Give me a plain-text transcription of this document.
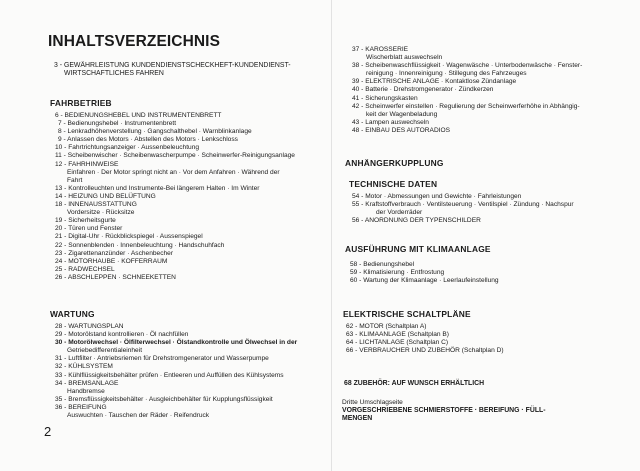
INHALTSVERZEICHNIS
3 - GEWÄHRLEISTUNG KUNDENDIENSTSCHECKHEFT-KUNDENDIENST-
WIRTSCHAFTLICHES FAHREN
FAHRBETRIEB
6 - BEDIENUNGSHEBEL UND INSTRUMENTENBRETT
7 - Bedienungshebel · Instrumentenbrett
8 - Lenkradhöhenverstellung · Gangschalthebel · Warnblinkanlage
9 - Anlassen des Motors · Abstellen des Motors · Lenkschloss
10 - Fahrtrichtungsanzeiger · Aussenbeleuchtung
11 - Scheibenwischer · Scheibenwascherpumpe · Scheinwerfer-Reinigungsanlage
12 - FAHRHINWEISE
Einfahren · Der Motor springt nicht an · Vor dem Anfahren · Während der
Fahrt
13 - Kontrolleuchten und Instrumente-Bei längerem Halten · Im Winter
14 - HEIZUNG UND BELÜFTUNG
18 - INNENAUSSTATTUNG
Vordersitze · Rücksitze
19 - Sicherheitsgurte
20 - Türen und Fenster
21 - Digital-Uhr · Rückblickspiegel · Aussenspiegel
22 - Sonnenblenden · Innenbeleuchtung · Handschuhfach
23 - Zigarettenanzünder · Aschenbecher
24 - MOTORHAUBE · KOFFERRAUM
25 - RADWECHSEL
26 - ABSCHLEPPEN · SCHNEEKETTEN
WARTUNG
28 - WARTUNGSPLAN
29 - Motorölstand kontrollieren · Öl nachfüllen
30 - Motorölwechsel · Ölfilterwechsel · Ölstandkontrolle und Ölwechsel in der
Getriebedifferentialeinheit
31 - Luftfilter · Antriebsriemen für Drehstromgenerator und Wasserpumpe
32 - KÜHLSYSTEM
33 - Kühlflüssigkeitsbehälter prüfen · Entleeren und Auffüllen des Kühlsystems
34 - BREMSANLAGE
Handbremse
35 - Bremsflüssigkeitsbehälter · Ausgleichbehälter für Kupplungsflüssigkeit
36 - BEREIFUNG
Auswuchten · Tauschen der Räder · Reifendruck
2
37 - KAROSSERIE
Wischerblatt auswechseln
38 - Scheibenwaschflüssigkeit · Wagenwäsche · Unterbodenwäsche · Fenster-
reinigung · Innenreinigung · Stillegung des Fahrzeuges
39 - ELEKTRISCHE ANLAGE · Kontaktlose Zündanlage
40 - Batterie · Drehstromgenerator · Zündkerzen
41 - Sicherungskasten
42 - Scheinwerfer einstellen · Regulierung der Scheinwerferhöhe in Abhängig-
keit der Wagenbeladung
43 - Lampen auswechseln
48 - EINBAU DES AUTORADIOS
ANHÄNGERKUPPLUNG
TECHNISCHE DATEN
54 - Motor · Abmessungen und Gewichte · Fahrleistungen
55 - Kraftstoffverbrauch · Ventilsteuerung · Ventilspiel · Zündung · Nachspur
der Vorderräder
56 - ANORDNUNG DER TYPENSCHILDER
AUSFÜHRUNG MIT KLIMAANLAGE
58 - Bedienungshebel
59 - Klimatisierung · Entfrostung
60 - Wartung der Klimaanlage · Leerlaufeinstellung
ELEKTRISCHE SCHALTPLÄNE
62 - MOTOR (Schaltplan A)
63 - KLIMAANLAGE (Schaltplan B)
64 - LICHTANLAGE (Schaltplan C)
66 - VERBRAUCHER UND ZUBEHÖR (Schaltplan D)
68 ZUBEHÖR: AUF WUNSCH ERHÄLTLICH
Dritte Umschlagseite
VORGESCHRIEBENE SCHMIERSTOFFE · BEREIFUNG · FÜLL-
MENGEN
